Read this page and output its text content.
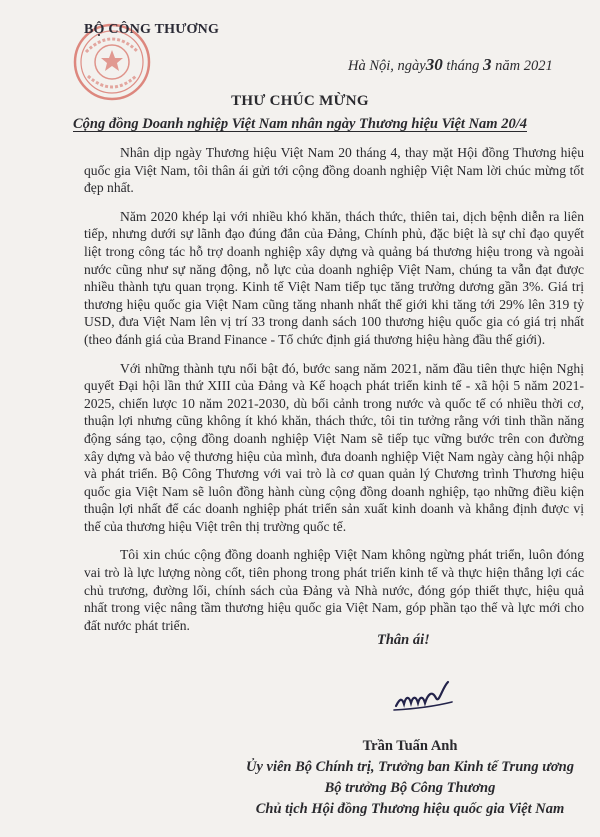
BỘ CÔNG THƯƠNG
Hà Nội, ngày30 tháng 3 năm 2021
THƯ CHÚC MỪNG
Cộng đồng Doanh nghiệp Việt Nam nhân ngày Thương hiệu Việt Nam 20/4

Nhân dịp ngày Thương hiệu Việt Nam 20 tháng 4, thay mặt Hội đồng Thương hiệu quốc gia Việt Nam, tôi thân ái gửi tới cộng đồng doanh nghiệp Việt Nam lời chúc mừng tốt đẹp nhất.

Năm 2020 khép lại với nhiều khó khăn, thách thức, thiên tai, dịch bệnh diễn ra liên tiếp, nhưng dưới sự lãnh đạo đúng đắn của Đảng, Chính phủ, đặc biệt là sự chỉ đạo quyết liệt trong công tác hỗ trợ doanh nghiệp xây dựng và quảng bá thương hiệu trong và ngoài nước cũng như sự năng động, nỗ lực của doanh nghiệp Việt Nam, chúng ta vẫn đạt được nhiều thành tựu quan trọng. Kinh tế Việt Nam tiếp tục tăng trưởng dương gần 3%. Giá trị thương hiệu quốc gia Việt Nam cũng tăng nhanh nhất thế giới khi tăng tới 29% lên 319 tỷ USD, đưa Việt Nam lên vị trí 33 trong danh sách 100 thương hiệu quốc gia có giá trị nhất (theo đánh giá của Brand Finance - Tổ chức định giá thương hiệu hàng đầu thế giới).

Với những thành tựu nổi bật đó, bước sang năm 2021, năm đầu tiên thực hiện Nghị quyết Đại hội lần thứ XIII của Đảng và Kế hoạch phát triển kinh tế - xã hội 5 năm 2021-2025, chiến lược 10 năm 2021-2030, dù bối cảnh trong nước và quốc tế có nhiều thời cơ, thuận lợi nhưng cũng không ít khó khăn, thách thức, tôi tin tưởng rằng với tinh thần năng động sáng tạo, cộng đồng doanh nghiệp Việt Nam sẽ tiếp tục vững bước trên con đường xây dựng và bảo vệ thương hiệu của mình, đưa doanh nghiệp Việt Nam ngày càng hội nhập và phát triển. Bộ Công Thương với vai trò là cơ quan quản lý Chương trình Thương hiệu quốc gia Việt Nam sẽ luôn đồng hành cùng cộng đồng doanh nghiệp, tạo những điều kiện thuận lợi nhất để các doanh nghiệp phát triển sản xuất kinh doanh và khẳng định được vị thế của thương hiệu Việt trên thị trường quốc tế.

Tôi xin chúc cộng đồng doanh nghiệp Việt Nam không ngừng phát triển, luôn đóng vai trò là lực lượng nòng cốt, tiên phong trong phát triển kinh tế và thực hiện thắng lợi các chủ trương, đường lối, chính sách của Đảng và Nhà nước, đóng góp thiết thực, hiệu quả nhất trong việc nâng tầm thương hiệu quốc gia Việt Nam, góp phần tạo thế và lực mới cho đất nước phát triển.

Thân ái!
Trần Tuấn Anh
Ủy viên Bộ Chính trị, Trưởng ban Kinh tế Trung ương
Bộ trưởng Bộ Công Thương
Chủ tịch Hội đồng Thương hiệu quốc gia Việt Nam
